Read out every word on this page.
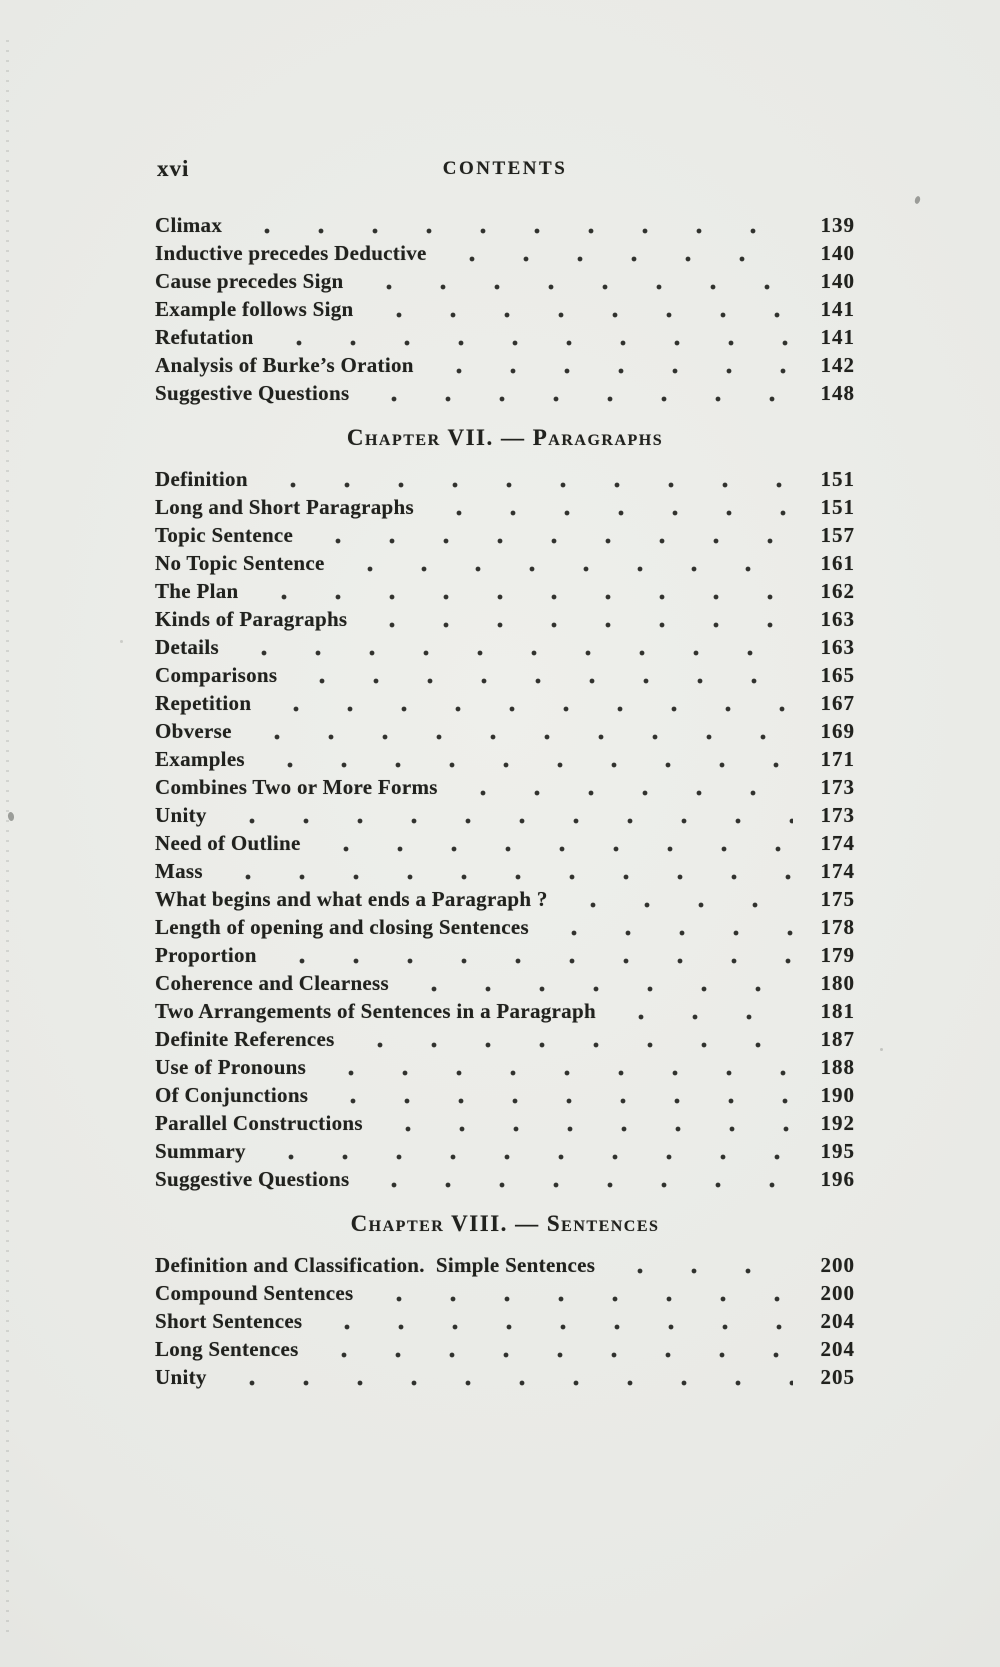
xvi	CONTENTS
Climax	139
Inductive precedes Deductive	140
Cause precedes Sign	140
Example follows Sign	141
Refutation	141
Analysis of Burke’s Oration	142
Suggestive Questions	148
Chapter VII. — Paragraphs
Definition	151
Long and Short Paragraphs	151
Topic Sentence	157
No Topic Sentence	161
The Plan	162
Kinds of Paragraphs	163
Details	163
Comparisons	165
Repetition	167
Obverse	169
Examples	171
Combines Two or More Forms	173
Unity	173
Need of Outline	174
Mass	174
What begins and what ends a Paragraph ?	175
Length of opening and closing Sentences	178
Proportion	179
Coherence and Clearness	180
Two Arrangements of Sentences in a Paragraph	181
Definite References	187
Use of Pronouns	188
Of Conjunctions	190
Parallel Constructions	192
Summary	195
Suggestive Questions	196
Chapter VIII. — Sentences
Definition and Classification.  Simple Sentences	200
Compound Sentences	200
Short Sentences	204
Long Sentences	204
Unity	205
